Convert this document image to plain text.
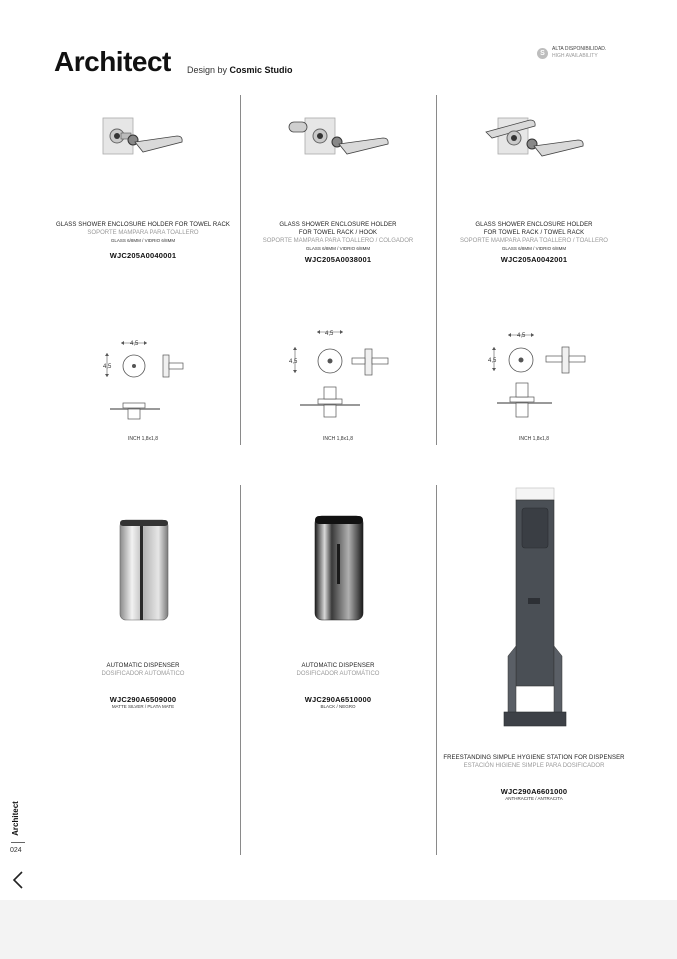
Architect Design by Cosmic Studio
S
ALTA DISPONIBILIDAD.
HIGH AVAILABILITY
GLASS SHOWER ENCLOSURE HOLDER FOR TOWEL RACK
SOPORTE MAMPARA PARA TOALLERO
GLASS 6/8MM / VIDRIO 6/8MM
WJC205A0040001
GLASS SHOWER ENCLOSURE HOLDER
FOR TOWEL RACK / HOOK
SOPORTE MAMPARA PARA TOALLERO / COLGADOR
GLASS 6/8MM / VIDRIO 6/8MM
WJC205A0038001
GLASS SHOWER ENCLOSURE HOLDER
FOR TOWEL RACK / TOWEL RACK
SOPORTE MAMPARA PARA TOALLERO / TOALLERO
GLASS 6/8MM / VIDRIO 6/8MM
WJC205A0042001
4,5
4,5
INCH 1,8x1,8
4,5
4,5
INCH 1,8x1,8
4,5
4,5
INCH 1,8x1,8
AUTOMATIC DISPENSER
DOSIFICADOR AUTOMÁTICO
WJC290A6509000
MATTE SILVER / PLATA MATE
AUTOMATIC DISPENSER
DOSIFICADOR AUTOMÁTICO
WJC290A6510000
BLACK / NEGRO
FREESTANDING SIMPLE HYGIENE STATION FOR DISPENSER
ESTACIÓN HIGIENE SIMPLE PARA DOSIFICADOR
WJC290A6601000
ANTHRACITE / ANTRACITA
Architect
024
